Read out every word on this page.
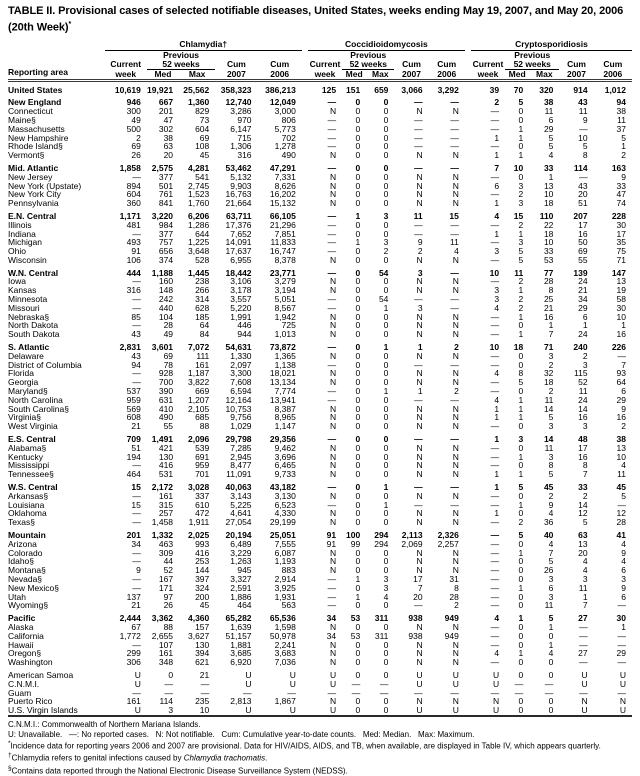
TABLE II. Provisional cases of selected notifiable diseases, United States, weeks ending May 19, 2007, and May 20, 2006
(20th Week)*
Reporting area	Chlamydia†						Coccidioidomycosis						Cryptosporidiosis				
		Previous						Previous						Previous			
	Current	52 weeks		Cum	Cum		Current	52 weeks		Cum	Cum		Current	52 weeks		Cum	Cum
	week	Med	Max	2007	2006		week	Med	Max	2007	2006		week	Med	Max	2007	2006
United States	10,619	19,921	25,562	358,323	386,213		125	151	659	3,066	3,292		39	70	320	914	1,012
New England	946	667	1,360	12,740	12,049		—	0	0	—	—		2	5	38	43	94
Connecticut	300	201	829	3,286	3,000		N	0	0	N	N		—	0	11	11	38
Maine§	49	47	73	970	806		—	0	0	—	—		—	0	6	9	11
Massachusetts	500	302	604	6,147	5,773		—	0	0	—	—		—	1	29	—	37
New Hampshire	2	38	69	715	702		—	0	0	—	—		1	1	5	10	5
Rhode Island§	69	63	108	1,306	1,278		—	0	0	—	—		—	0	5	5	1
Vermont§	26	20	45	316	490		N	0	0	N	N		1	1	4	8	2
Mid. Atlantic	1,858	2,575	4,281	53,462	47,291		—	0	0	—	—		7	10	33	114	163
New Jersey	—	377	541	5,132	7,331		N	0	0	N	N		—	0	1	—	9
New York (Upstate)	894	501	2,745	9,903	8,626		N	0	0	N	N		6	3	13	43	33
New York City	604	761	1,523	16,763	16,202		N	0	0	N	N		—	2	10	20	47
Pennsylvania	360	841	1,760	21,664	15,132		N	0	0	N	N		1	3	18	51	74
E.N. Central	1,171	3,220	6,206	63,711	66,105		—	1	3	11	15		4	15	110	207	228
Illinois	481	984	1,286	17,376	21,296		—	0	0	—	—		—	2	22	17	30
Indiana	—	377	644	7,652	7,851		—	0	0	—	—		1	1	18	16	17
Michigan	493	757	1,225	14,091	11,833		—	1	3	9	11		—	3	10	50	35
Ohio	91	656	3,648	17,637	16,747		—	0	2	2	4		3	5	33	69	75
Wisconsin	106	374	528	6,955	8,378		N	0	0	N	N		—	5	53	55	71
W.N. Central	444	1,188	1,445	18,442	23,771		—	0	54	3	—		10	11	77	139	147
Iowa	—	160	238	3,106	3,279		N	0	0	N	N		—	2	28	24	13
Kansas	316	148	266	3,178	3,194		N	0	0	N	N		3	1	8	21	19
Minnesota	—	242	314	3,557	5,051		—	0	54	—	—		3	2	25	34	58
Missouri	—	440	628	5,220	8,567		—	0	1	3	—		4	2	21	29	30
Nebraska§	85	104	185	1,991	1,942		N	0	0	N	N		—	1	16	6	10
North Dakota	—	28	64	446	725		N	0	0	N	N		—	0	1	1	1
South Dakota	43	49	84	944	1,013		N	0	0	N	N		—	1	7	24	16
S. Atlantic	2,831	3,601	7,072	54,631	73,872		—	0	1	1	2		10	18	71	240	226
Delaware	43	69	111	1,330	1,365		N	0	0	N	N		—	0	3	2	—
District of Columbia	94	78	161	2,097	1,138		—	0	0	—	—		—	0	2	3	7
Florida	—	928	1,187	3,300	18,021		N	0	0	N	N		4	8	32	115	93
Georgia	—	700	3,822	7,608	13,134		N	0	0	N	N		—	5	18	52	64
Maryland§	537	390	669	6,594	7,774		—	0	1	1	2		—	0	2	11	6
North Carolina	959	631	1,207	12,164	13,941		—	0	0	—	—		4	1	11	24	29
South Carolina§	569	410	2,105	10,753	8,387		N	0	0	N	N		1	1	14	14	9
Virginia§	608	490	685	9,756	8,965		N	0	0	N	N		1	1	5	16	16
West Virginia	21	55	88	1,029	1,147		N	0	0	N	N		—	0	3	3	2
E.S. Central	709	1,491	2,096	29,798	29,356		—	0	0	—	—		1	3	14	48	38
Alabama§	51	421	539	7,285	9,462		N	0	0	N	N		—	0	11	17	13
Kentucky	194	130	691	2,945	3,696		N	0	0	N	N		—	1	3	16	10
Mississippi	—	416	959	8,477	6,465		N	0	0	N	N		—	0	8	8	4
Tennessee§	464	531	701	11,091	9,733		N	0	0	N	N		1	1	5	7	11
W.S. Central	15	2,172	3,028	40,063	43,182		—	0	1	—	—		1	5	45	33	45
Arkansas§	—	161	337	3,143	3,130		N	0	0	N	N		—	0	2	2	5
Louisiana	15	315	610	5,225	6,523		—	0	1	—	—		—	1	9	14	—
Oklahoma	—	257	472	4,641	4,330		N	0	0	N	N		1	0	4	12	12
Texas§	—	1,458	1,911	27,054	29,199		N	0	0	N	N		—	2	36	5	28
Mountain	201	1,332	2,025	20,194	25,051		91	100	294	2,113	2,326		—	5	40	63	41
Arizona	34	463	993	6,489	7,555		91	99	294	2,069	2,257		—	0	4	13	4
Colorado	—	309	416	3,229	6,087		N	0	0	N	N		—	1	7	20	9
Idaho§	—	44	253	1,263	1,193		N	0	0	N	N		—	0	5	4	4
Montana§	9	52	144	945	883		N	0	0	N	N		—	0	26	4	6
Nevada§	—	167	397	3,327	2,914		—	1	3	17	31		—	0	3	3	3
New Mexico§	—	171	324	2,591	3,925		—	0	3	7	8		—	1	6	11	9
Utah	137	97	200	1,886	1,931		—	1	4	20	28		—	0	3	1	6
Wyoming§	21	26	45	464	563		—	0	0	—	2		—	0	11	7	—
Pacific	2,444	3,362	4,360	65,282	65,536		34	53	311	938	949		4	1	5	27	30
Alaska	67	88	157	1,639	1,598		N	0	0	N	N		—	0	1	—	1
California	1,772	2,655	3,627	51,157	50,978		34	53	311	938	949		—	0	0	—	—
Hawaii	—	107	130	1,881	2,241		N	0	0	N	N		—	0	1	—	—
Oregon§	299	161	394	3,685	3,683		N	0	0	N	N		4	1	4	27	29
Washington	306	348	621	6,920	7,036		N	0	0	N	N		—	0	0	—	—
American Samoa	U	0	21	U	U		U	0	0	U	U		U	0	0	U	U
C.N.M.I.	U	—	—	U	U		U	—	—	U	U		U	—	—	U	U
Guam	—	—	—	—	—		—	—	—	—	—		—	—	—	—	—
Puerto Rico	161	114	235	2,813	1,867		N	0	0	N	N		N	0	0	N	N
U.S. Virgin Islands	U	3	10	U	U		U	0	0	U	U		U	0	0	U	U
C.N.M.I.: Commonwealth of Northern Mariana Islands.
U: Unavailable.   —: No reported cases.   N: Not notifiable.   Cum: Cumulative year-to-date counts.   Med: Median.   Max: Maximum.
*Incidence data for reporting years 2006 and 2007 are provisional. Data for HIV/AIDS, AIDS, and TB, when available, are displayed in Table IV, which appears quarterly.
†Chlamydia refers to genital infections caused by Chlamydia trachomatis.
§Contains data reported through the National Electronic Disease Surveillance System (NEDSS).
